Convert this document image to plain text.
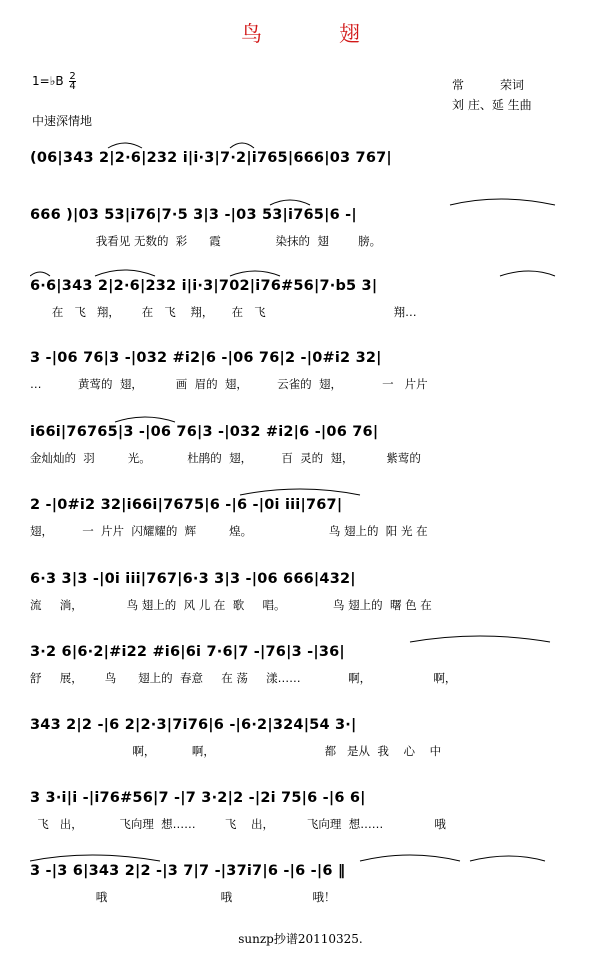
鸟　翅
1=♭B $\frac{2}{4}$
中速深情地
常　　　荣词
刘 庄、延 生曲
(06|343 2|2·6|232 i|i·3|7·2|i765|666|03 767|
666 )|03 53|i76|7·5 3|3 -|03 53|i765|6 -|
我看见 无数的  彩      霞               染抹的  翅        膀。
6·6|343 2|2·6|232 i|i·3|702|i76#56|7·b5 3|
在   飞   翔，      在   飞    翔，     在   飞                                   翔…
3 -|06 76|3 -|032 #i2|6 -|06 76|2 -|0#i2 32|
…          黄莺的  翅，         画  眉的  翅，        云雀的  翅，           一   片片
i66i|76765|3 -|06 76|3 -|032 #i2|6 -|06 76|
金灿灿的  羽         光。          杜鹃的  翅，        百  灵的  翅，         紫莺的
2 -|0#i2 32|i66i|7675|6 -|6 -|0i iii|767|
翅，        一  片片  闪耀耀的  辉         煌。                     鸟 翅上的  阳 光 在
6·3 3|3 -|0i iii|767|6·3 3|3 -|06 666|432|
流     淌，            鸟 翅上的  风 儿 在  歌     唱。             鸟 翅上的  曙 色 在
3·2 6|6·2|#i22 #i6|6i 7·6|7 -|76|3 -|36|
舒     展，      鸟      翅上的  春意     在 荡     漾……             啊，                 啊，
343 2|2 -|6 2|2·3|7i76|6 -|6·2|324|54 3·|
啊，          啊，                              都   是从  我    心    中
3 3·i|i -|i76#56|7 -|7 3·2|2 -|2i 75|6 -|6 6|
飞   出，          飞向理  想……        飞    出，         飞向理  想……              哦
3 -|3 6|343 2|2 -|3 7|7 -|37i7|6 -|6 -|6 ‖
哦                               哦                      哦！
sunzp抄谱20110325.
